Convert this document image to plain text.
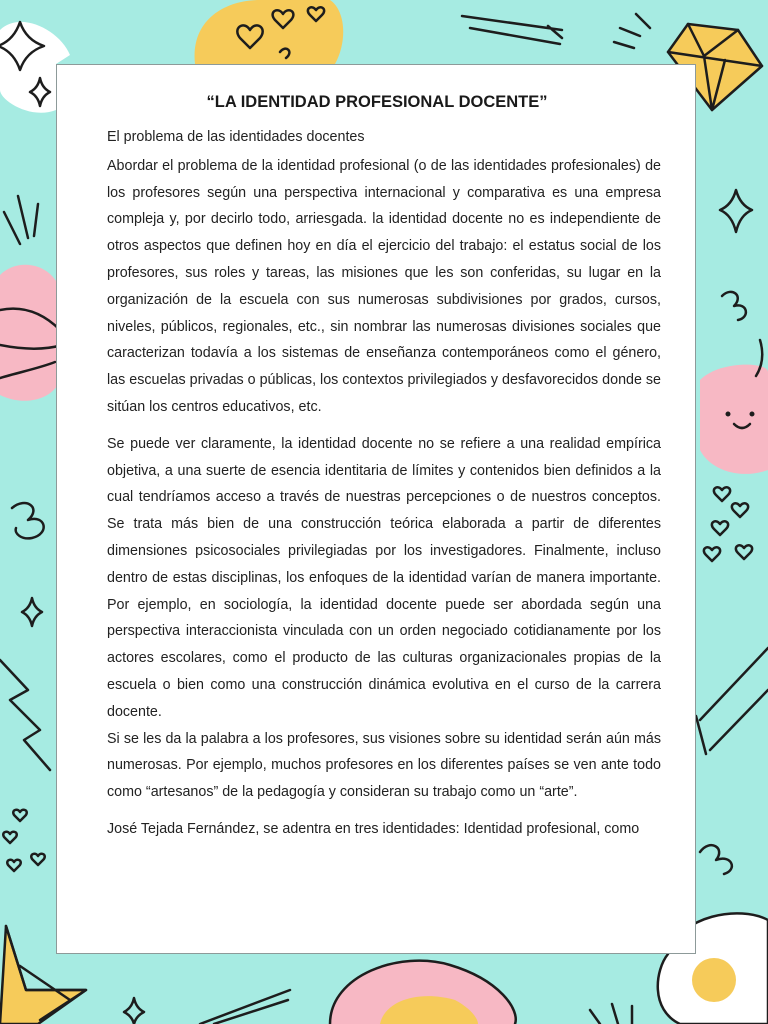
“LA IDENTIDAD PROFESIONAL DOCENTE”

El problema de las identidades docentes

Abordar el problema de la identidad profesional (o de las identidades profesionales) de los profesores según una perspectiva internacional y comparativa es una empresa compleja y, por decirlo todo, arriesgada. la identidad docente no es independiente de otros aspectos que definen hoy en día el ejercicio del trabajo: el estatus social de los profesores, sus roles y tareas, las misiones que les son conferidas, su lugar en la organización de la escuela con sus numerosas subdivisiones por grados, cursos, niveles, públicos, regionales, etc., sin nombrar las numerosas divisiones sociales que caracterizan todavía a los sistemas de enseñanza contemporáneos como el género, las escuelas privadas o públicas, los contextos privilegiados y desfavorecidos donde se sitúan los centros educativos, etc.

Se puede ver claramente, la identidad docente no se refiere a una realidad empírica objetiva, a una suerte de esencia identitaria de límites y contenidos bien definidos a la cual tendríamos acceso a través de nuestras percepciones o de nuestros conceptos. Se trata más bien de una construcción teórica elaborada a partir de diferentes dimensiones psicosociales privilegiadas por los investigadores. Finalmente, incluso dentro de estas disciplinas, los enfoques de la identidad varían de manera importante. Por ejemplo, en sociología, la identidad docente puede ser abordada según una perspectiva interaccionista vinculada con un orden negociado cotidianamente por los actores escolares, como el producto de las culturas organizacionales propias de la escuela o bien como una construcción dinámica evolutiva en el curso de la carrera docente.

Si se les da la palabra a los profesores, sus visiones sobre su identidad serán aún más numerosas. Por ejemplo, muchos profesores en los diferentes países se ven ante todo como “artesanos” de la pedagogía y consideran su trabajo como un “arte”.

José Tejada Fernández, se adentra en tres identidades: Identidad profesional, como
